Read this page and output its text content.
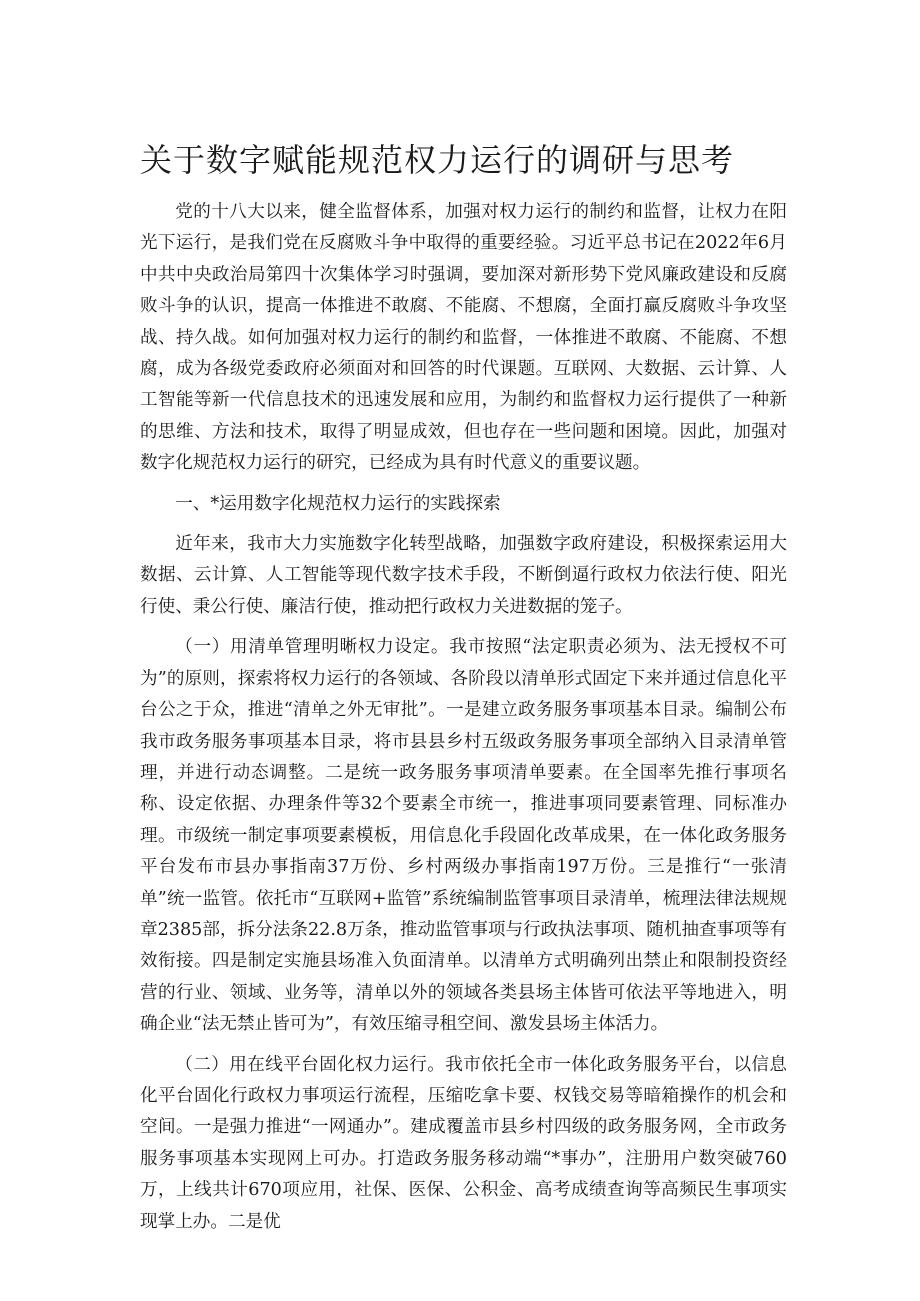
关于数字赋能规范权力运行的调研与思考

党的十八大以来，健全监督体系，加强对权力运行的制约和监督，让权力在阳光下运行，是我们党在反腐败斗争中取得的重要经验。习近平总书记在2022年6月中共中央政治局第四十次集体学习时强调，要加深对新形势下党风廉政建设和反腐败斗争的认识，提高一体推进不敢腐、不能腐、不想腐，全面打赢反腐败斗争攻坚战、持久战。如何加强对权力运行的制约和监督，一体推进不敢腐、不能腐、不想腐，成为各级党委政府必须面对和回答的时代课题。互联网、大数据、云计算、人工智能等新一代信息技术的迅速发展和应用，为制约和监督权力运行提供了一种新的思维、方法和技术，取得了明显成效，但也存在一些问题和困境。因此，加强对数字化规范权力运行的研究，已经成为具有时代意义的重要议题。

一、*运用数字化规范权力运行的实践探索

近年来，我市大力实施数字化转型战略，加强数字政府建设，积极探索运用大数据、云计算、人工智能等现代数字技术手段，不断倒逼行政权力依法行使、阳光行使、秉公行使、廉洁行使，推动把行政权力关进数据的笼子。

（一）用清单管理明晰权力设定。我市按照“法定职责必须为、法无授权不可为”的原则，探索将权力运行的各领域、各阶段以清单形式固定下来并通过信息化平台公之于众，推进“清单之外无审批”。一是建立政务服务事项基本目录。编制公布我市政务服务事项基本目录，将市县县乡村五级政务服务事项全部纳入目录清单管理，并进行动态调整。二是统一政务服务事项清单要素。在全国率先推行事项名称、设定依据、办理条件等32个要素全市统一，推进事项同要素管理、同标准办理。市级统一制定事项要素模板，用信息化手段固化改革成果，在一体化政务服务平台发布市县办事指南37万份、乡村两级办事指南197万份。三是推行“一张清单”统一监管。依托市“互联网+监管”系统编制监管事项目录清单，梳理法律法规规章2385部，拆分法条22.8万条，推动监管事项与行政执法事项、随机抽查事项等有效衔接。四是制定实施县场准入负面清单。以清单方式明确列出禁止和限制投资经营的行业、领域、业务等，清单以外的领域各类县场主体皆可依法平等地进入，明确企业“法无禁止皆可为”，有效压缩寻租空间、激发县场主体活力。

（二）用在线平台固化权力运行。我市依托全市一体化政务服务平台，以信息化平台固化行政权力事项运行流程，压缩吃拿卡要、权钱交易等暗箱操作的机会和空间。一是强力推进“一网通办”。建成覆盖市县乡村四级的政务服务网，全市政务服务事项基本实现网上可办。打造政务服务移动端“*事办”，注册用户数突破760万，上线共计670项应用，社保、医保、公积金、高考成绩查询等高频民生事项实现掌上办。二是优
